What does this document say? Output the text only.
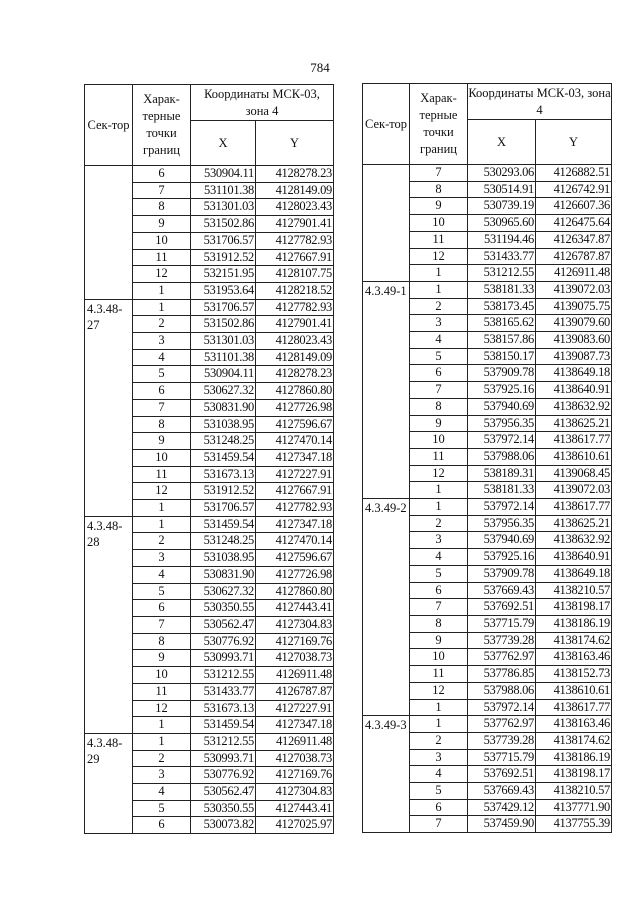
784
Сек-тор	Харак-терные точки границ	Координаты МСК-03, зона 4	
		X	Y
	6	530904.11	4128278.23
	7	531101.38	4128149.09
	8	531301.03	4128023.43
	9	531502.86	4127901.41
	10	531706.57	4127782.93
	11	531912.52	4127667.91
	12	532151.95	4128107.75
	1	531953.64	4128218.52
4.3.48-27	1	531706.57	4127782.93
	2	531502.86	4127901.41
	3	531301.03	4128023.43
	4	531101.38	4128149.09
	5	530904.11	4128278.23
	6	530627.32	4127860.80
	7	530831.90	4127726.98
	8	531038.95	4127596.67
	9	531248.25	4127470.14
	10	531459.54	4127347.18
	11	531673.13	4127227.91
	12	531912.52	4127667.91
	1	531706.57	4127782.93
4.3.48-28	1	531459.54	4127347.18
	2	531248.25	4127470.14
	3	531038.95	4127596.67
	4	530831.90	4127726.98
	5	530627.32	4127860.80
	6	530350.55	4127443.41
	7	530562.47	4127304.83
	8	530776.92	4127169.76
	9	530993.71	4127038.73
	10	531212.55	4126911.48
	11	531433.77	4126787.87
	12	531673.13	4127227.91
	1	531459.54	4127347.18
4.3.48-29	1	531212.55	4126911.48
	2	530993.71	4127038.73
	3	530776.92	4127169.76
	4	530562.47	4127304.83
	5	530350.55	4127443.41
	6	530073.82	4127025.97
Сек-тор	Харак-терные точки границ	Координаты МСК-03, зона 4	
		X	Y
	7	530293.06	4126882.51
	8	530514.91	4126742.91
	9	530739.19	4126607.36
	10	530965.60	4126475.64
	11	531194.46	4126347.87
	12	531433.77	4126787.87
	1	531212.55	4126911.48
4.3.49-1	1	538181.33	4139072.03
	2	538173.45	4139075.75
	3	538165.62	4139079.60
	4	538157.86	4139083.60
	5	538150.17	4139087.73
	6	537909.78	4138649.18
	7	537925.16	4138640.91
	8	537940.69	4138632.92
	9	537956.35	4138625.21
	10	537972.14	4138617.77
	11	537988.06	4138610.61
	12	538189.31	4139068.45
	1	538181.33	4139072.03
4.3.49-2	1	537972.14	4138617.77
	2	537956.35	4138625.21
	3	537940.69	4138632.92
	4	537925.16	4138640.91
	5	537909.78	4138649.18
	6	537669.43	4138210.57
	7	537692.51	4138198.17
	8	537715.79	4138186.19
	9	537739.28	4138174.62
	10	537762.97	4138163.46
	11	537786.85	4138152.73
	12	537988.06	4138610.61
	1	537972.14	4138617.77
4.3.49-3	1	537762.97	4138163.46
	2	537739.28	4138174.62
	3	537715.79	4138186.19
	4	537692.51	4138198.17
	5	537669.43	4138210.57
	6	537429.12	4137771.90
	7	537459.90	4137755.39
